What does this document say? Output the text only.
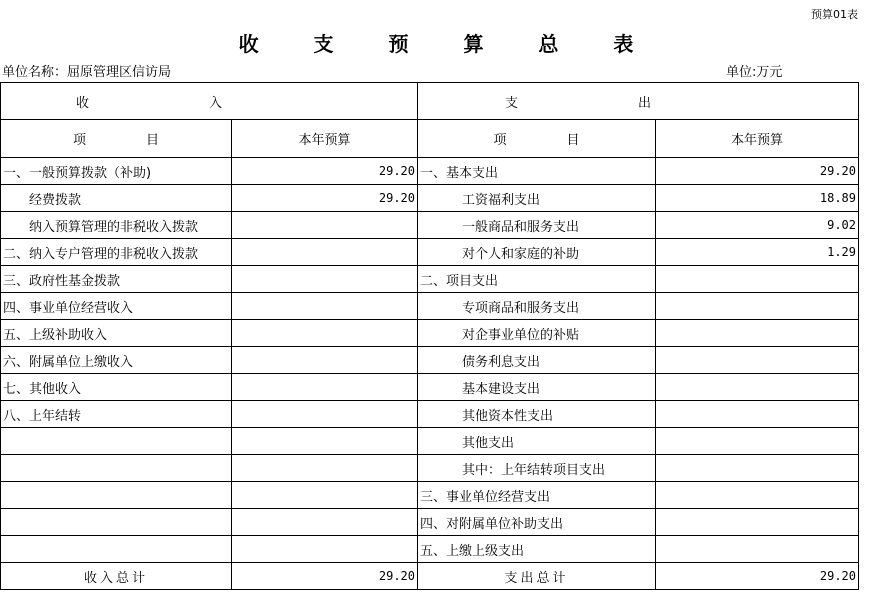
预算01表
收 支 预 算 总 表
单位名称：屈原管理区信访局	单位:万元
收入		支出	
项目	本年预算	项目	本年预算
一、一般预算拨款（补助)	29.20	一、基本支出	29.20
经费拨款	29.20	工资福利支出	18.89
纳入预算管理的非税收入拨款		一般商品和服务支出	9.02
二、纳入专户管理的非税收入拨款		对个人和家庭的补助	1.29
三、政府性基金拨款		二、项目支出	
四、事业单位经营收入		专项商品和服务支出	
五、上级补助收入		对企事业单位的补贴	
六、附属单位上缴收入		债务利息支出	
七、其他收入		基本建设支出	
八、上年结转		其他资本性支出	
		其他支出	
		其中：上年结转项目支出	
		三、事业单位经营支出	
		四、对附属单位补助支出	
		五、上缴上级支出	
收入总计	29.20	支出总计	29.20
